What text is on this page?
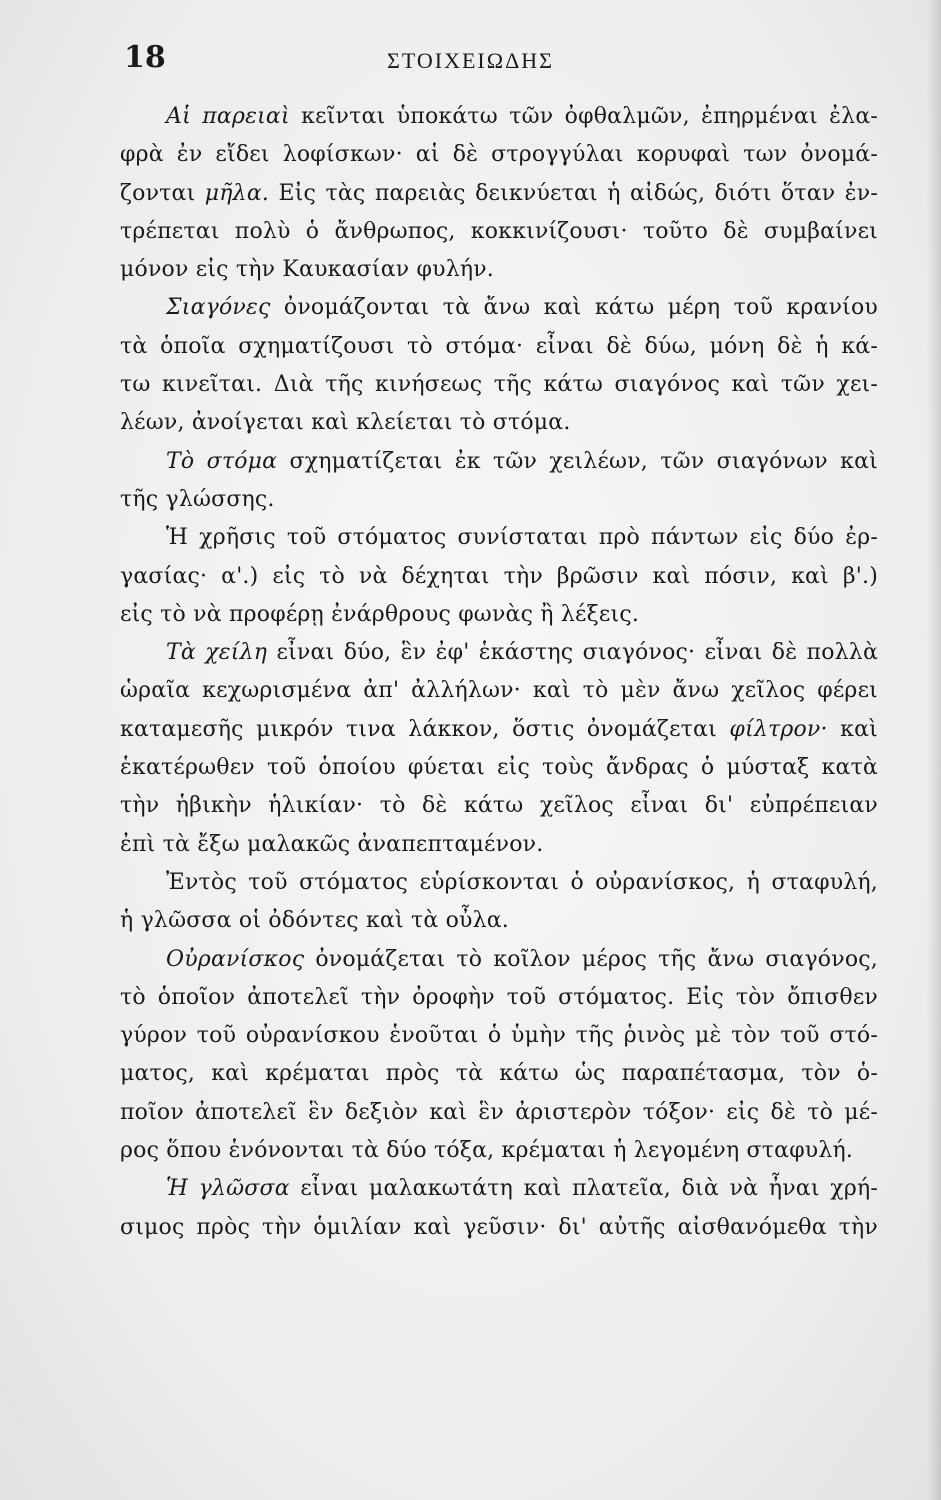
18	ΣΤΟΙΧΕΙΩΔΗΣ
Αἱ παρειαὶ κεῖνται ὑποκάτω τῶν ὀφθαλμῶν, ἐπηρμέναι ἐλα-
φρὰ ἐν εἴδει λοφίσκων· αἱ δὲ στρογγύλαι κορυφαὶ των ὀνομά-
ζονται μῆλα. Εἰς τὰς παρειὰς δεικνύεται ἡ αἰδώς, διότι ὅταν ἐν-
τρέπεται πολὺ ὁ ἄνθρωπος, κοκκινίζουσι· τοῦτο δὲ συμβαίνει
μόνον εἰς τὴν Καυκασίαν φυλήν.
Σιαγόνες ὀνομάζονται τὰ ἄνω καὶ κάτω μέρη τοῦ κρανίου
τὰ ὁποῖα σχηματίζουσι τὸ στόμα· εἶναι δὲ δύω, μόνη δὲ ἡ κά-
τω κινεῖται. Διὰ τῆς κινήσεως τῆς κάτω σιαγόνος καὶ τῶν χει-
λέων, ἀνοίγεται καὶ κλείεται τὸ στόμα.
Τὸ στόμα σχηματίζεται ἐκ τῶν χειλέων, τῶν σιαγόνων καὶ
τῆς γλώσσης.
Ἡ χρῆσις τοῦ στόματος συνίσταται πρὸ πάντων εἰς δύο ἐρ-
γασίας· α'.) εἰς τὸ νὰ δέχηται τὴν βρῶσιν καὶ πόσιν, καὶ β'.)
εἰς τὸ νὰ προφέρῃ ἐνάρθρους φωνὰς ἢ λέξεις.
Τὰ χείλη εἶναι δύο, ἓν ἐφ' ἑκάστης σιαγόνος· εἶναι δὲ πολλὰ
ὡραῖα κεχωρισμένα ἀπ' ἀλλήλων· καὶ τὸ μὲν ἄνω χεῖλος φέρει
καταμεσῆς μικρόν τινα λάκκον, ὅστις ὀνομάζεται φίλτρον· καὶ
ἑκατέρωθεν τοῦ ὁποίου φύεται εἰς τοὺς ἄνδρας ὁ μύσταξ κατὰ
τὴν ἡβικὴν ἡλικίαν· τὸ δὲ κάτω χεῖλος εἶναι δι' εὐπρέπειαν
ἐπὶ τὰ ἔξω μαλακῶς ἀναπεπταμένον.
Ἐντὸς τοῦ στόματος εὑρίσκονται ὁ οὐρανίσκος, ἡ σταφυλή,
ἡ γλῶσσα οἱ ὀδόντες καὶ τὰ οὖλα.
Οὐρανίσκος ὀνομάζεται τὸ κοῖλον μέρος τῆς ἄνω σιαγόνος,
τὸ ὁποῖον ἀποτελεῖ τὴν ὀροφὴν τοῦ στόματος. Εἰς τὸν ὄπισθεν
γύρον τοῦ οὐρανίσκου ἑνοῦται ὁ ὑμὴν τῆς ῥινὸς μὲ τὸν τοῦ στό-
ματος, καὶ κρέμαται πρὸς τὰ κάτω ὡς παραπέτασμα, τὸν ὁ-
ποῖον ἀποτελεῖ ἓν δεξιὸν καὶ ἓν ἀριστερὸν τόξον· εἰς δὲ τὸ μέ-
ρος ὅπου ἑνόνονται τὰ δύο τόξα, κρέμαται ἡ λεγομένη σταφυλή.
Ἡ γλῶσσα εἶναι μαλακωτάτη καὶ πλατεῖα, διὰ νὰ ἦναι χρή-
σιμος πρὸς τὴν ὁμιλίαν καὶ γεῦσιν· δι' αὐτῆς αἰσθανόμεθα τὴν
